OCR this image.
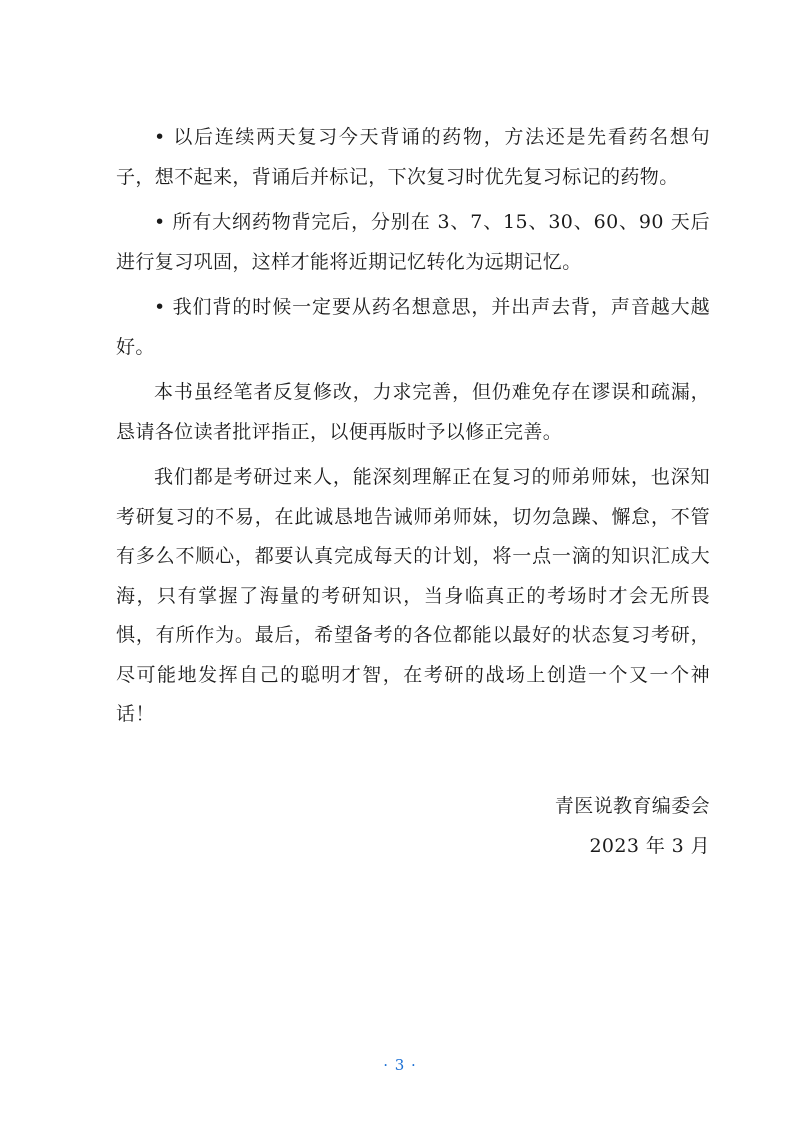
• 以后连续两天复习今天背诵的药物，方法还是先看药名想句子，想不起来，背诵后并标记，下次复习时优先复习标记的药物。

• 所有大纲药物背完后，分别在 3、7、15、30、60、90 天后进行复习巩固，这样才能将近期记忆转化为远期记忆。

• 我们背的时候一定要从药名想意思，并出声去背，声音越大越好。

本书虽经笔者反复修改，力求完善，但仍难免存在谬误和疏漏，恳请各位读者批评指正，以便再版时予以修正完善。

我们都是考研过来人，能深刻理解正在复习的师弟师妹，也深知考研复习的不易，在此诚恳地告诫师弟师妹，切勿急躁、懈怠，不管有多么不顺心，都要认真完成每天的计划，将一点一滴的知识汇成大海，只有掌握了海量的考研知识，当身临真正的考场时才会无所畏惧，有所作为。最后，希望备考的各位都能以最好的状态复习考研，尽可能地发挥自己的聪明才智，在考研的战场上创造一个又一个神话！

青医说教育编委会
2023 年 3 月
· 3 ·
